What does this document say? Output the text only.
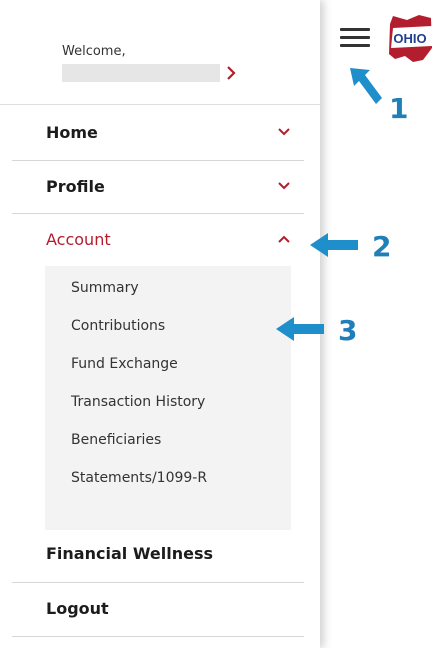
Welcome,
Home
Profile
Account
Summary
Contributions
Fund Exchange
Transaction History
Beneficiaries
Statements/1099-R
Financial Wellness
Logout
OHIO
1
2
3
